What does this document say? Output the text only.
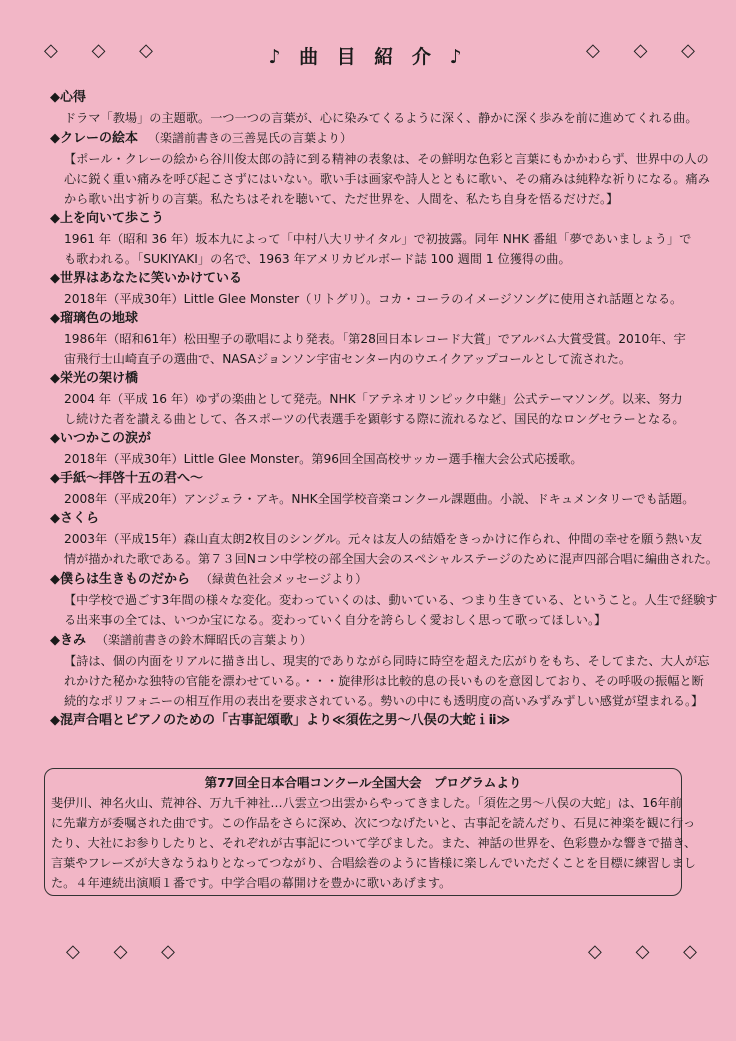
◇ ◇ ◇	◇ ◇ ◇
♪ 曲 目 紹 介 ♪
◆心得

ドラマ「教場」の主題歌。一つ一つの言葉が、心に染みてくるように深く、静かに深く歩みを前に進めてくれる曲。

◆クレーの絵本 （楽譜前書きの三善晃氏の言葉より）

【ポール・クレーの絵から谷川俊太郎の詩に到る精神の表象は、その鮮明な色彩と言葉にもかかわらず、世界中の人の

心に鋭く重い痛みを呼び起こさずにはいない。歌い手は画家や詩人とともに歌い、その痛みは純粋な祈りになる。痛み

から歌い出す祈りの言葉。私たちはそれを聴いて、ただ世界を、人間を、私たち自身を悟るだけだ。】

◆上を向いて歩こう

1961 年（昭和 36 年）坂本九によって「中村八大リサイタル」で初披露。同年 NHK 番組「夢であいましょう」で

も歌われる。「SUKIYAKI」の名で、1963 年アメリカビルボード誌 100 週間 1 位獲得の曲。

◆世界はあなたに笑いかけている

2018年（平成30年）Little Glee Monster（リトグリ）。コカ・コーラのイメージソングに使用され話題となる。

◆瑠璃色の地球

1986年（昭和61年）松田聖子の歌唱により発表。「第28回日本レコード大賞」でアルバム大賞受賞。2010年、宇

宙飛行士山崎直子の選曲で、NASAジョンソン宇宙センター内のウエイクアップコールとして流された。

◆栄光の架け橋

2004 年（平成 16 年）ゆずの楽曲として発売。NHK「アテネオリンピック中継」公式テーマソング。以来、努力

し続けた者を讃える曲として、各スポーツの代表選手を顕彰する際に流れるなど、国民的なロングセラーとなる。

◆いつかこの涙が

2018年（平成30年）Little Glee Monster。第96回全国高校サッカー選手権大会公式応援歌。

◆手紙～拝啓十五の君へ～

2008年（平成20年）アンジェラ・アキ。NHK全国学校音楽コンクール課題曲。小説、ドキュメンタリーでも話題。

◆さくら

2003年（平成15年）森山直太朗2枚目のシングル。元々は友人の結婚をきっかけに作られ、仲間の幸せを願う熱い友

情が描かれた歌である。第７３回Nコン中学校の部全国大会のスペシャルステージのために混声四部合唱に編曲された。

◆僕らは生きものだから （緑黄色社会メッセージより）

【中学校で過ごす3年間の様々な変化。変わっていくのは、動いている、つまり生きている、ということ。人生で経験す

る出来事の全ては、いつか宝になる。変わっていく自分を誇らしく愛おしく思って歌ってほしい。】

◆きみ （楽譜前書きの鈴木輝昭氏の言葉より）

【詩は、個の内面をリアルに描き出し、現実的でありながら同時に時空を超えた広がりをもち、そしてまた、大人が忘

れかけた秘かな独特の官能を漂わせている。・・・旋律形は比較的息の長いものを意図しており、その呼吸の振幅と断

続的なポリフォニーの相互作用の表出を要求されている。勢いの中にも透明度の高いみずみずしい感覚が望まれる。】

◆混声合唱とピアノのための「古事記頌歌」より≪須佐之男～八俣の大蛇ｉⅱ≫
第77回全日本合唱コンクール全国大会　プログラムより

斐伊川、神名火山、荒神谷、万九千神社…八雲立つ出雲からやってきました。「須佐之男～八俣の大蛇」は、16年前

に先輩方が委嘱された曲です。この作品をさらに深め、次につなげたいと、古事記を読んだり、石見に神楽を観に行っ

たり、大社にお参りしたりと、それぞれが古事記について学びました。また、神話の世界を、色彩豊かな響きで描き、

言葉やフレーズが大きなうねりとなってつながり、合唱絵巻のように皆様に楽しんでいただくことを目標に練習しまし

た。４年連続出演順１番です。中学合唱の幕開けを豊かに歌いあげます。

◇ ◇ ◇	◇ ◇ ◇
